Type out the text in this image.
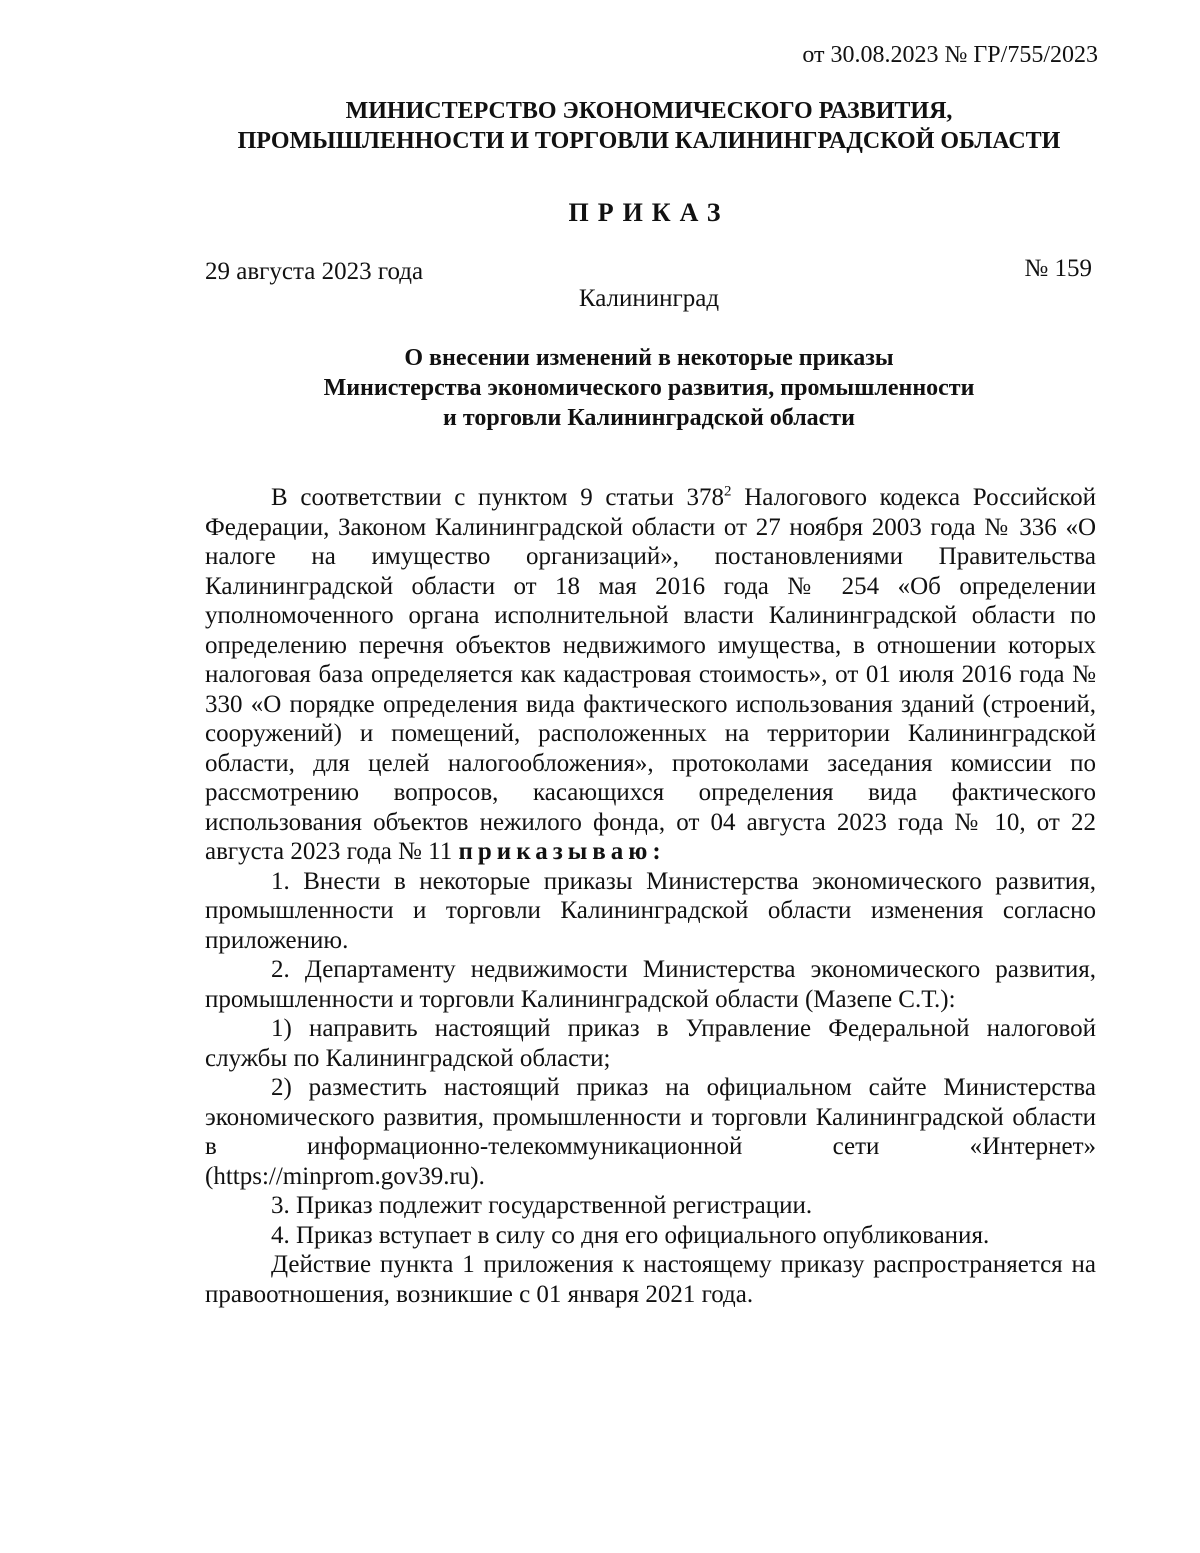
от 30.08.2023 № ГР/755/2023
МИНИСТЕРСТВО ЭКОНОМИЧЕСКОГО РАЗВИТИЯ,
ПРОМЫШЛЕННОСТИ И ТОРГОВЛИ КАЛИНИНГРАДСКОЙ ОБЛАСТИ
ПРИКАЗ
29 августа 2023 года	№ 159
Калининград
О внесении изменений в некоторые приказы
Министерства экономического развития, промышленности
и торговли Калининградской области

В соответствии с пунктом 9 статьи $378^2$ Налогового кодекса Российской Федерации, Законом Калининградской области от 27 ноября 2003 года № 336 «О налоге на имущество организаций», постановлениями Правительства Калининградской области от 18 мая 2016 года № 254 «Об определении уполномоченного органа исполнительной власти Калининградской области по определению перечня объектов недвижимого имущества, в отношении которых налоговая база определяется как кадастровая стоимость», от 01 июля 2016 года № 330 «О порядке определения вида фактического использования зданий (строений, сооружений) и помещений, расположенных на территории Калининградской области, для целей налогообложения», протоколами заседания комиссии по рассмотрению вопросов, касающихся определения вида фактического использования объектов нежилого фонда, от 04 августа 2023 года № 10, от 22 августа 2023 года № 11 приказываю:

1. Внести в некоторые приказы Министерства экономического развития, промышленности и торговли Калининградской области изменения согласно приложению.

2. Департаменту недвижимости Министерства экономического развития, промышленности и торговли Калининградской области (Мазепе С.Т.):

1) направить настоящий приказ в Управление Федеральной налоговой службы по Калининградской области;

2) разместить настоящий приказ на официальном сайте Министерства экономического развития, промышленности и торговли Калининградской области в информационно-телекоммуникационной сети «Интернет» (https://minprom.gov39.ru).

3. Приказ подлежит государственной регистрации.

4. Приказ вступает в силу со дня его официального опубликования.

Действие пункта 1 приложения к настоящему приказу распространяется на правоотношения, возникшие с 01 января 2021 года.
